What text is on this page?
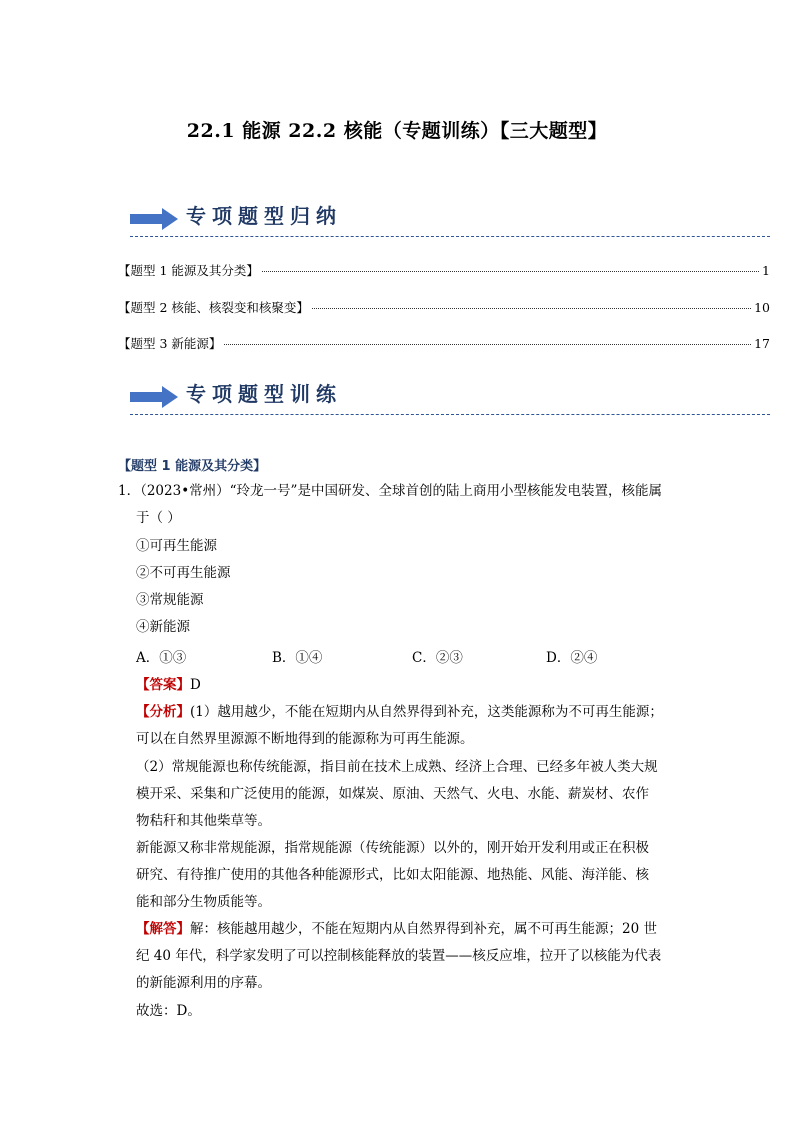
22.1 能源 22.2 核能（专题训练）【三大题型】
专项题型归纳
【题型 1 能源及其分类】	1
【题型 2 核能、核裂变和核聚变】	10
【题型 3 新能源】	17
专项题型训练
【题型 1 能源及其分类】
1．（2023•常州）“玲龙一号”是中国研发、全球首创的陆上商用小型核能发电装置，核能属
于（ ）
①可再生能源
②不可再生能源
③常规能源
④新能源
A．①③	B．①④	C．②③	D．②④
【答案】D
【分析】(1）越用越少，不能在短期内从自然界得到补充，这类能源称为不可再生能源；
可以在自然界里源源不断地得到的能源称为可再生能源。
（2）常规能源也称传统能源，指目前在技术上成熟、经济上合理、已经多年被人类大规
模开采、采集和广泛使用的能源，如煤炭、原油、天然气、火电、水能、薪炭材、农作
物秸秆和其他柴草等。
新能源又称非常规能源，指常规能源（传统能源）以外的，刚开始开发利用或正在积极
研究、有待推广使用的其他各种能源形式，比如太阳能源、地热能、风能、海洋能、核
能和部分生物质能等。
【解答】解：核能越用越少，不能在短期内从自然界得到补充，属不可再生能源；20 世
纪 40 年代，科学家发明了可以控制核能释放的装置——核反应堆，拉开了以核能为代表
的新能源利用的序幕。
故选：D。
